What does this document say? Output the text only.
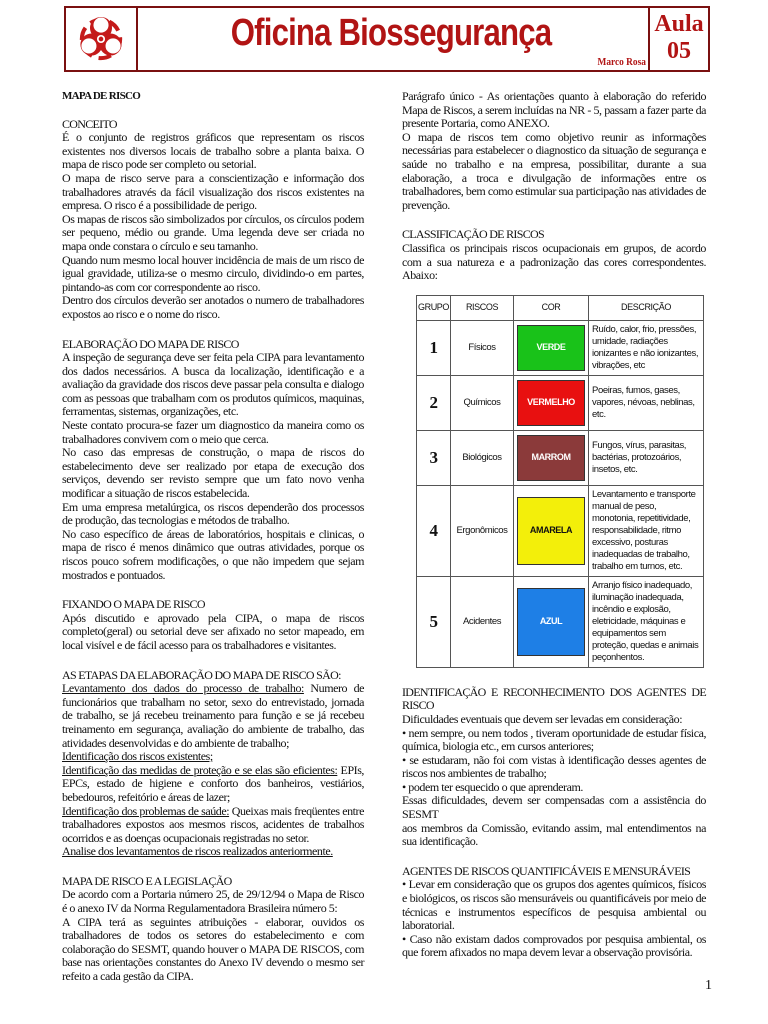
Oficina Biossegurança
Marco Rosa
Aula
05

MAPA DE RISCO

CONCEITO

É o conjunto de registros gráficos que representam os riscos existentes nos diversos locais de trabalho sobre a planta baixa. O mapa de risco pode ser completo ou setorial.

O mapa de risco serve para a conscientização e informação dos trabalhadores através da fácil visualização dos riscos existentes na empresa. O risco é a possibilidade de perigo.

Os mapas de riscos são simbolizados por círculos, os círculos podem ser pequeno, médio ou grande. Uma legenda deve ser criada no mapa onde constara o círculo e seu tamanho.

Quando num mesmo local houver incidência de mais de um risco de igual gravidade, utiliza-se o mesmo circulo, dividindo-o em partes, pintando-as com cor correspondente ao risco.

Dentro dos círculos deverão ser anotados o numero de trabalhadores expostos ao risco e o nome do risco.

ELABORAÇÃO DO MAPA DE RISCO

A inspeção de segurança deve ser feita pela CIPA para levantamento dos dados necessários. A busca da localização, identificação e a avaliação da gravidade dos riscos deve passar pela consulta e dialogo com as pessoas que trabalham com os produtos químicos, maquinas, ferramentas, sistemas, organizações, etc.

Neste contato procura-se fazer um diagnostico da maneira como os trabalhadores convivem com o meio que cerca.

No caso das empresas de construção, o mapa de riscos do estabelecimento deve ser realizado por etapa de execução dos serviços, devendo ser revisto sempre que um fato novo venha modificar a situação de riscos estabelecida.

Em uma empresa metalúrgica, os riscos dependerão dos processos de produção, das tecnologias e métodos de trabalho.

No caso específico de áreas de laboratórios, hospitais e clinicas, o mapa de risco é menos dinâmico que outras atividades, porque os riscos pouco sofrem modificações, o que não impedem que sejam mostrados e pontuados.

FIXANDO O MAPA DE RISCO

Após discutido e aprovado pela CIPA, o mapa de riscos completo(geral) ou setorial deve ser afixado no setor mapeado, em local visível e de fácil acesso para os trabalhadores e visitantes.

AS ETAPAS DA ELABORAÇÃO DO MAPA DE RISCO SÃO:

Levantamento dos dados do processo de trabalho: Numero de funcionários que trabalham no setor, sexo do entrevistado, jornada de trabalho, se já recebeu treinamento para função e se já recebeu treinamento em segurança, avaliação do ambiente de trabalho, das atividades desenvolvidas e do ambiente de trabalho;

Identificação dos riscos existentes;

Identificação das medidas de proteção e se elas são eficientes: EPIs, EPCs, estado de higiene e conforto dos banheiros, vestiários, bebedouros, refeitório e áreas de lazer;

Identificação dos problemas de saúde: Queixas mais freqüentes entre trabalhadores expostos aos mesmos riscos, acidentes de trabalhos ocorridos e as doenças ocupacionais registradas no setor.

Analise dos levantamentos de riscos realizados anteriormente.

MAPA DE RISCO E A LEGISLAÇÃO

De acordo com a Portaria número 25, de 29/12/94 o Mapa de Risco é o anexo IV da Norma Regulamentadora Brasileira número 5:

A CIPA terá as seguintes atribuições - elaborar, ouvidos os trabalhadores de todos os setores do estabelecimento e com colaboração do SESMT, quando houver o MAPA DE RISCOS, com base nas orientações constantes do Anexo IV devendo o mesmo ser refeito a cada gestão da CIPA.

Parágrafo único - As orientações quanto à elaboração do referido Mapa de Riscos, a serem incluídas na NR - 5, passam a fazer parte da presente Portaria, como ANEXO.

O mapa de riscos tem como objetivo reunir as informações necessárias para estabelecer o diagnostico da situação de segurança e saúde no trabalho e na empresa, possibilitar, durante a sua elaboração, a troca e divulgação de informações entre os trabalhadores, bem como estimular sua participação nas atividades de prevenção.

CLASSIFICAÇÃO DE RISCOS

Classifica os principais riscos ocupacionais em grupos, de acordo com a sua natureza e a padronização das cores correspondentes. Abaixo:

GRUPO	RISCOS	COR	DESCRIÇÃO
1	Físicos	VERDE	Ruído, calor, frio, pressões, umidade, radiações ionizantes e não ionizantes, vibrações, etc
2	Químicos	VERMELHO	Poeiras, fumos, gases, vapores, névoas, neblinas, etc.
3	Biológicos	MARROM	Fungos, vírus, parasitas, bactérias, protozoários, insetos, etc.
4	Ergonômicos	AMARELA	Levantamento e transporte manual de peso, monotonia, repetitividade, responsabilidade, ritmo excessivo, posturas inadequadas de trabalho, trabalho em turnos, etc.
5	Acidentes	AZUL	Arranjo físico inadequado, iluminação inadequada, incêndio e explosão, eletricidade, máquinas e equipamentos sem proteção, quedas e animais peçonhentos.

IDENTIFICAÇÃO E RECONHECIMENTO DOS AGENTES DE RISCO

Dificuldades eventuais que devem ser levadas em consideração:

• nem sempre, ou nem todos , tiveram oportunidade de estudar física, química, biologia etc., em cursos anteriores;

• se estudaram, não foi com vistas à identificação desses agentes de riscos nos ambientes de trabalho;

• podem ter esquecido o que aprenderam.

Essas dificuldades, devem ser compensadas com a assistência do SESMT

aos membros da Comissão, evitando assim, mal entendimentos na sua identificação.

AGENTES DE RISCOS QUANTIFICÁVEIS E MENSURÁVEIS

• Levar em consideração que os grupos dos agentes químicos, físicos e biológicos, os riscos são mensuráveis ou quantificáveis por meio de técnicas e instrumentos específicos de pesquisa ambiental ou laboratorial.

• Caso não existam dados comprovados por pesquisa ambiental, os que forem afixados no mapa devem levar a observação provisória.

1
